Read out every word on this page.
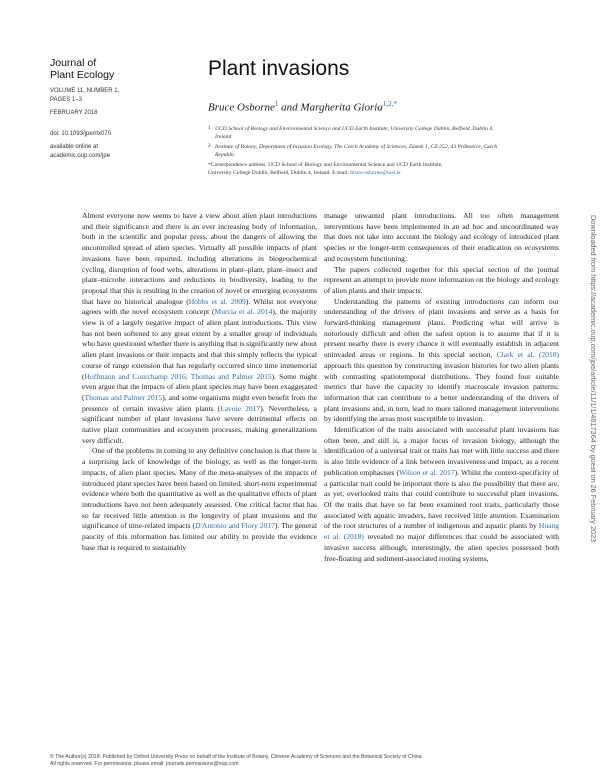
Journal of
Plant Ecology
VOLUME 11, NUMBER 1,
PAGES 1–3
FEBRUARY 2018
doi: 10.1093/jpe/rtx070
available online at
academic.oup.com/jpe
Plant invasions
Bruce Osborne$^1$ and Margherita Gioria$^{1,2,*}$
1 UCD School of Biology and Environmental Science and UCD Earth Institute, University College Dublin, Belfield, Dublin 4,
Ireland
2 Institute of Botany, Department of Invasion Ecology, The Czech Academy of Sciences, Zámek 1, CZ-252, 43 Průhonice, Czech
Republic
*Correspondence address. UCD School of Biology and Environmental Science and UCD Earth Institute,
University College Dublin, Belfield, Dublin 4, Ireland. E-mail: bruce.osborne@ucd.ie

Almost everyone now seems to have a view about alien plant introductions and their significance and there is an ever increasing body of information, both in the scientific and popular press, about the dangers of allowing the uncontrolled spread of alien species. Virtually all possible impacts of plant invasions have been reported, including alterations in biogeochemical cycling, disruption of food webs, alterations in plant–plant, plant–insect and plant–microbe interactions and reductions in biodiversity, leading to the proposal that this is resulting in the creation of novel or emerging ecosystems that have no historical analogue (Hobbs et al. 2009). Whilst not everyone agrees with the novel ecosystem concept (Murcia et al. 2014), the majority view is of a largely negative impact of alien plant introductions. This view has not been softened to any great extent by a smaller group of individuals who have questioned whether there is anything that is significantly new about alien plant invasions or their impacts and that this simply reflects the typical course of range extension that has regularly occurred since time immemorial (Hoffmann and Courchamp 2016; Thomas and Palmer 2015). Some might even argue that the impacts of alien plant species may have been exaggerated (Thomas and Palmer 2015), and some organisms might even benefit from the presence of certain invasive alien plants (Lavoie 2017). Nevertheless, a significant number of plant invasions have severe detrimental effects on native plant communities and ecosystem processes, making generalizations very difficult.

One of the problems in coming to any definitive conclusion is that there is a surprising lack of knowledge of the biology, as well as the longer-term impacts, of alien plant species. Many of the meta-analyses of the impacts of introduced plant species have been based on limited, short-term experimental evidence where both the quantitative as well as the qualitative effects of plant introductions have not been adequately assessed. One critical factor that has so far received little attention is the longevity of plant invasions and the significance of time-related impacts (D'Antonio and Flory 2017). The general paucity of this information has limited our ability to provide the evidence base that is required to sustainably

manage unwanted plant introductions. All too often management interventions have been implemented in an ad hoc and uncoordinated way that does not take into account the biology and ecology of introduced plant species or the longer-term consequences of their eradication on ecosystems and ecosystem functioning.

The papers collected together for this special section of the journal represent an attempt to provide more information on the biology and ecology of alien plants and their impacts.

Understanding the patterns of existing introductions can inform our understanding of the drivers of plant invasions and serve as a basis for forward-thinking management plans. Predicting what will arrive is notoriously difficult and often the safest option is to assume that if it is present nearby there is every chance it will eventually establish in adjacent uninvaded areas or regions. In this special section, Clark et al. (2018) approach this question by constructing invasion histories for two alien plants with contrasting spatiotemporal distributions. They found four suitable metrics that have the capacity to identify macroscale invasion patterns; information that can contribute to a better understanding of the drivers of plant invasions and, in turn, lead to more tailored management interventions by identifying the areas most susceptible to invasion.

Identification of the traits associated with successful plant invasions has often been, and still is, a major focus of invasion biology, although the identification of a universal trait or traits has met with little success and there is also little evidence of a link between invasiveness and impact, as a recent publication emphasises (Wilson et al. 2017). Whilst the context-specificity of a particular trait could be important there is also the possibility that there are, as yet, overlooked traits that could contribute to successful plant invasions. Of the traits that have so far been examined root traits, particularly those associated with aquatic invaders, have received little attention. Examination of the root structures of a number of indigenous and aquatic plants by Huang et al. (2018) revealed no major differences that could be associated with invasive success although, interestingly, the alien species possessed both free-floating and sediment-associated rooting systems,

Downloaded from https://academic.oup.com/jpe/article/11/1/1/4817364 by guest on 26 February 2023
© The Author(s) 2018. Published by Oxford University Press on behalf of the Institute of Botany, Chinese Academy of Sciences and the Botanical Society of China.
All rights reserved. For permissions, please email: journals.permissions@oup.com
